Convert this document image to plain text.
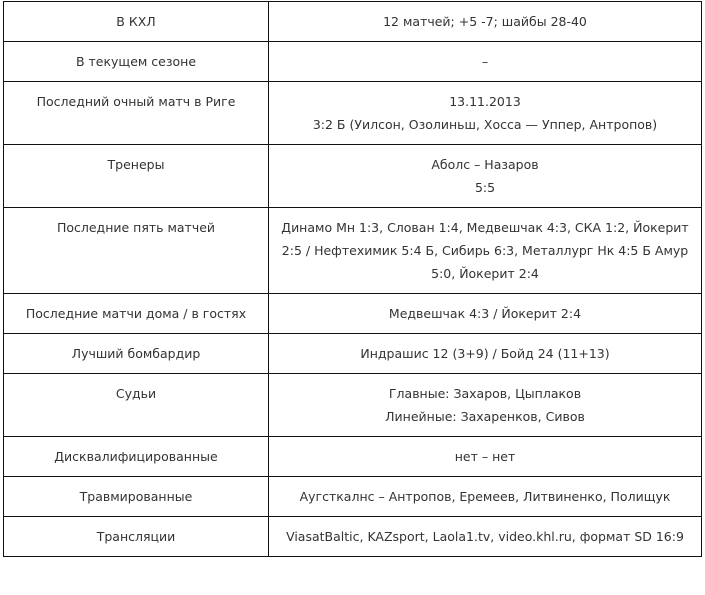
В КХЛ	12 матчей; +5 -7; шайбы 28-40

В текущем сезоне	–

Последний очный матч в Риге	13.11.2013
3:2 Б (Уилсон, Озолиньш, Хосса — Уппер, Антропов)

Тренеры	Аболс – Назаров
5:5

Последние пять матчей	Динамо Мн 1:3, Слован 1:4, Медвешчак 4:3, СКА 1:2, Йокерит 2:5 / Нефтехимик 5:4 Б, Сибирь 6:3, Металлург Нк 4:5 Б Амур 5:0, Йокерит 2:4

Последние матчи дома / в гостях	Медвешчак 4:3 / Йокерит 2:4

Лучший бомбардир	Индрашис 12 (3+9) / Бойд 24 (11+13)

Судьи	Главные: Захаров, Цыплаков
Линейные: Захаренков, Сивов

Дисквалифицированные	нет – нет

Травмированные	Аугсткалнс – Антропов, Еремеев, Литвиненко, Полищук

Трансляции	ViasatBaltic, KAZsport, Laola1.tv, video.khl.ru, формат SD 16:9
